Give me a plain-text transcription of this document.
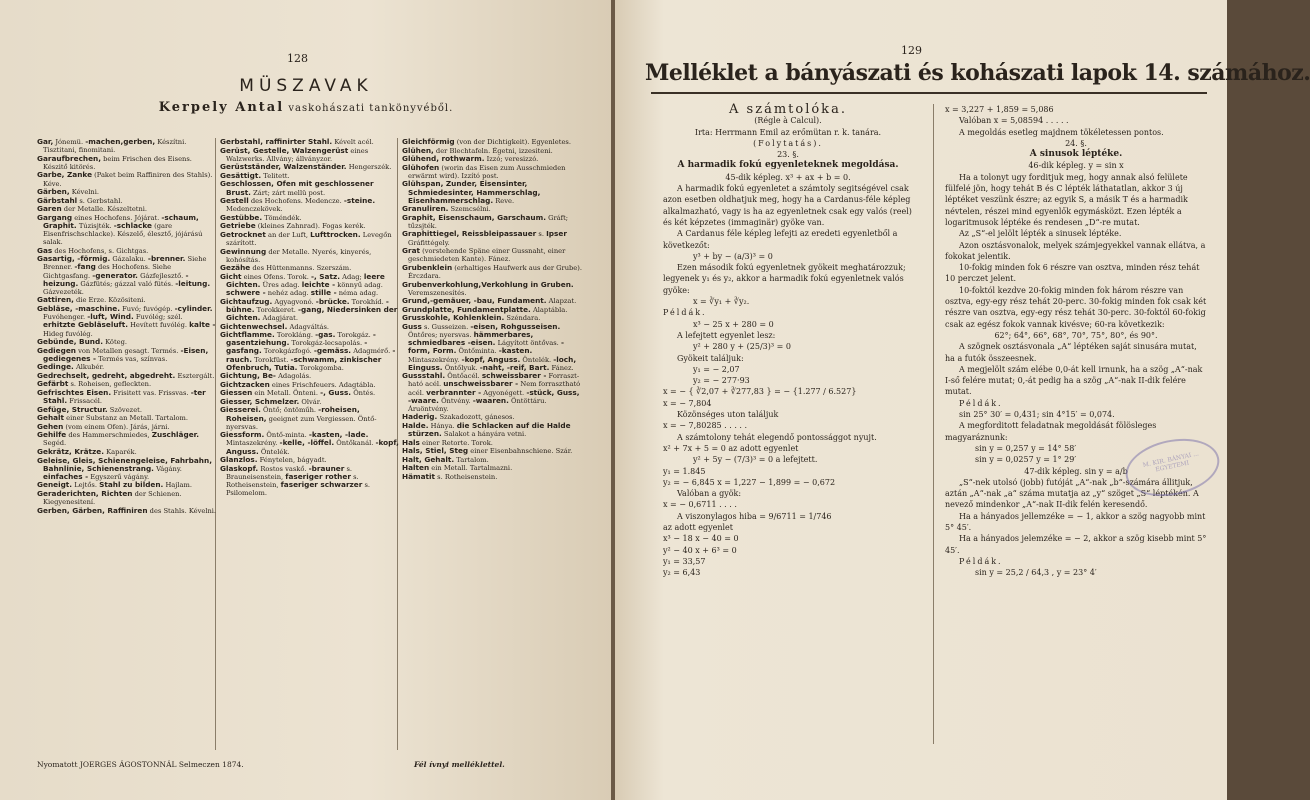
128
MÜSZAVAK
Kerpely Antal vaskohászati tankönyvéből.
Gar, Jónemü. -machen,gerben, Készítni. Tisztitani, finomitani.
Garaufbrechen, beim Frischen des Eisens. Készitő kitörés.
Garbe, Zanke (Paket beim Raffiniren des Stahls). Kéve.
Gärben, Kévelni.
Gärbstahl s. Gerbstahl.
Garen der Metalle. Készeltetni.
Gargang eines Hochofens. Jójárat. -schaum, Graphit. Túzisjték. -schlacke (gare Eisenfrischschlacke). Készelő, élesztő, jójárású salak.
Gas des Hochofens, s. Gichtgas.
Gasartig, -förmig. Gázalaku. -brenner. Siehe Brenner. -fang des Hochofens. Siehe Gichtgasfang. -generator. Gázfejlesztő. -heizung. Gázfütés; gázzal való fütés. -leitung. Gázvezeték.
Gattiren, die Erze. Közösiteni.
Gebläse, -maschine. Fuvó; fuvógép. -cylinder. Fuvóhenger. -luft, Wind. Fuvólég; szél. erhitzte Gebläseluft. Hevített fuvólég. kalte - Hideg fuvólég.
Gebünde, Bund. Köteg.
Gediegen von Metallen gesagt. Termés. -Eisen, gediegenes - Termés vas, színvas.
Gedinge. Alkubér.
Gedrechselt, gedreht, abgedreht. Esztergált.
Gefärbt s. Roheisen, gefleckten.
Gefrischtes Eisen. Frisitett vas. Frissvas. -ter Stahl. Frissacél.
Gefüge, Structur. Szövezet.
Gehalt einer Substanz an Metall. Tartalom.
Gehen (vom einem Ofen). Járás, járni.
Gehilfe des Hammerschmiedes, Zuschläger. Segéd.
Gekrätz, Krätze. Kaparék.
Geleise, Gleis, Schienengeleise, Fahrbahn, Bahnlinie, Schienenstrang. Vágány. einfaches - Egyszerű vágány.
Geneigt. Lejtős. Stahl zu bilden. Hajlam.
Geraderichten, Richten der Schienen. Kiegyenesitení.
Gerben, Gärben, Raffiniren des Stahls. Kévelni.
Gerbstahl, raffinirter Stahl. Kévelt acél.
Gerüst, Gestelle, Walzengerüst eines Walzwerks. Állvány; állványzor.
Gerüstständer, Walzenständer. Hengerszék.
Gesättigt. Telitett.
Geschlossen, Ofen mit geschlossener Brust. Zárt; zárt mellü post.
Gestell des Hochofens. Medencze. -steine. Medenczekövek.
Gestübbe. Töméndék.
Getriebe (kleines Zahnrad). Fogas kerék.
Getrocknet an der Luft, Lufttrocken. Levegőn szárított.
Gewinnung der Metalle. Nyerés, kinyerés, kohósítás.
Gezähe des Hüttenmanns. Szerszám.
Gicht eines Ofens. Torok. -, Satz. Adag; leere Gichten. Üres adag. leichte - könnyű adag. schwere - nehéz adag. stille - néma adag.
Gichtaufzug. Agyagvonó. -brücke. Torokhíd. -bühne. Torokkeret. -gang, Niedersinken der Gichten. Adagjárat.
Gichtenwechsel. Adagváltás.
Gichtflamme. Torokláng. -gas. Torokgáz. -gasentziehung. Torokgáz-lecsapolás. -gasfang. Torokgázfogó. -gemäss. Adagmérő. -rauch. Torokfüst. -schwamm, zinkischer Ofenbruch, Tutia. Torokgomba.
Gichtung, Be- Adagolás.
Gichtzacken eines Frischfeuers. Adagtábla.
Giessen ein Metall. Önteni. -, Guss. Öntés.
Giesser, Schmelzer. Olvár.
Giesserei. Öntő; öntöműh. -roheisen, Roheisen, geeignet zum Vergiessen. Öntő-nyersvas.
Giessform. Öntő-minta. -kasten, -lade. Mintaszekrény. -kelle, -löffel. Öntőkanál. -kopf, Anguss. Öntelék.
Glanzlos. Fénytelen, bágyadt.
Glaskopf. Rostos vaskő. -brauner s. Brauneisenstein, faseriger rother s. Rotheisenstein, faseriger schwarzer s. Psilomelom.
Gleichförmig (von der Dichtigkeit). Egyenletes.
Glühen, der Blechtafeln. Égetni, izzesiteni.
Glühend, rothwarm. Izzó; veresizzó.
Glühofen (worin das Eisen zum Ausschmieden erwärmt wird). Izzító post.
Glühspan, Zunder, Eisensinter, Schmiedesinter, Hammerschlag, Eisenhammerschlag. Reve.
Granuliren. Szemcsélni.
Graphit, Eisenschaum, Garschaum. Gráft; tűzsjték.
Graphittiegel, Reissbleipassauer s. Ipser Gráfittégely.
Grat (vorstehende Späne einer Gussnaht, einer geschmiedeten Kante). Fánez.
Grubenklein (erhaltiges Haufwerk aus der Grube). Érczdara.
Grubenverkohlung,Verkohlung in Gruben. Veremszenesítés.
Grund,-gemäuer, -bau, Fundament. Alapzat.
Grundplatte, Fundamentplatte. Alaptábla.
Grusskohle, Kohlenklein. Széndara.
Guss s. Gusseizen. -eisen, Rohgusseisen. Öntőres; nyersvas. hämmerbares, schmiedbares -eisen. Lágyított öntővas. -form, Form. Öntőminta. -kasten. Mintaszekrény. -kopf, Anguss. Öntelék. -loch, Einguss. Öntőlyuk. -naht, -reif, Bart. Fánez.
Gussstahl. Öntőacél. schweissbarer - Forrasztható acél. unschweissbarer - Nem forrasztható acél. verbrannter - Agyonégett. -stück, Guss, -waare. Öntvény. -waaren. Öntöttáru. Áruöntvény.
Haderig. Szakadozott, gánesos.
Halde. Hánya. die Schlacken auf die Halde stürzen. Salakot a hányára vetni.
Hals einer Retorte. Torok.
Hals, Stiel, Steg einer Eisenbahnschiene. Szár.
Halt, Gehalt. Tartalom.
Halten ein Metall. Tartalmazni.
Hämatit s. Rotheisenstein.
Nyomatott JOERGES ÁGOSTONNÁL Selmeczen 1874.	Fél ívnyi melléklettel.
129
Melléklet a bányászati és kohászati lapok 14. számához.

A számtolóka.

(Régle à Calcul).

Irta: Herrmann Emil az erőmütan r. k. tanára.

(Folytatás).

23. §.

A harmadik fokú egyenleteknek megoldása.

45-dik képleg. x³ + ax + b = 0.

A harmadik fokú egyenletet a számtoly segitségével csak azon esetben oldhatjuk meg, hogy ha a Cardanus-féle képleg alkalmazható, vagy is ha az egyenletnek csak egy valós (reel) és két képzetes (immaginär) gyöke van.

A Cardanus féle képleg lefejti az eredeti egyenletből a következőt:

y³ + by − (a/3)³ = 0

Ezen második fokú egyenletnek gyökeit meghatározzuk; legyenek y₁ és y₂, akkor a harmadik fokú egyenletnek valós gyöke:

x = ∛y₁ + ∛y₂.

Példák.

x³ − 25 x + 280 = 0

A lefejtett egyenlet lesz:

y² + 280 y + (25/3)³ = 0

Gyökeit találjuk:

y₁ = − 2,07

y₂ = − 277·93

x = − { ∛2,07 + ∛277,83 } = − {1.277 / 6.527}

x = − 7,804

Közönséges uton találjuk

x = − 7,80285 . . . . .

A számtolony tehát elegendő pontossággot nyujt.

x² + 7x + 5 = 0 az adott egyenlet

y² + 5y − (7/3)³ = 0 a lefejtett.

y₁ = 1.845

y₂ = − 6,845 x = 1,227 − 1,899 = − 0,672

Valóban a gyök:

x = − 0,6711 . . . .

A viszonylagos hiba = 9/6711 = 1/746

az adott egyenlet

x³ − 18 x − 40 = 0

y² − 40 x + 6³ = 0

y₁ = 33,57

y₂ = 6,43

x = 3,227 + 1,859 = 5,086

Valóban x = 5,08594 . . . . .

A megoldás esetleg majdnem tökéletessen pontos.

24. §.

A sinusok léptéke.

46-dik képleg. y = sin x

Ha a tolonyt ugy forditjuk meg, hogy annak alsó felülete fülfelé jön, hogy tehát B és C lépték láthatatlan, akkor 3 új léptéket veszünk észre; az egyik S, a másik T és a harmadik névtelen, részei mind egyenlők egymásközt. Ezen lépték a logaritmusok léptéke és rendesen „D“-re mutat.

Az „S“-el jelölt lépték a sinusek léptéke.

Azon osztásvonalok, melyek számjegyekkel vannak ellátva, a fokokat jelentik.

10-fokig minden fok 6 részre van osztva, minden rész tehát 10 perczet jelent.

10-foktól kezdve 20-fokig minden fok három részre van osztva, egy-egy rész tehát 20-perc. 30-fokig minden fok csak két részre van osztva, egy-egy rész tehát 30-perc. 30-foktól 60-fokig csak az egész fokok vannak kivésve; 60-ra következik:

62°; 64°, 66°, 68°, 70°, 75°, 80°, és 90°.

A szögnek osztásvonala „A“ léptéken saját sinusára mutat, ha a futók összeesnek.

A megjelölt szám elébe 0,0-át kell irnunk, ha a szög „A“-nak I-ső felére mutat; 0,-át pedig ha a szög „A“-nak II-dik felére mutat.

Példák.

sin 25° 30′ = 0,431; sin 4°15′ = 0,074.

A megforditott feladatnak megoldását fölösleges magyaráznunk:

sin y = 0,257 y = 14° 58′

sin y = 0,0257 y = 1° 29′

47-dik képleg. sin y = a/b

„S“-nek utolsó (jobb) futóját „A“-nak „b“-számára állitjuk, aztán „A“-nak „a“ száma mutatja az „y“ szöget „S“ léptékén. A nevező mindenkor „A“-nak II-dik felén keresendő.

Ha a hányados jellemzéke = − 1, akkor a szög nagyobb mint 5° 45′.

Ha a hányados jelemzéke = − 2, akkor a szög kisebb mint 5° 45′.

Példák.

sin y = 25,2 / 64,3 , y = 23° 4′

M. KIR. BÁNYAI ... EGYETEMI
